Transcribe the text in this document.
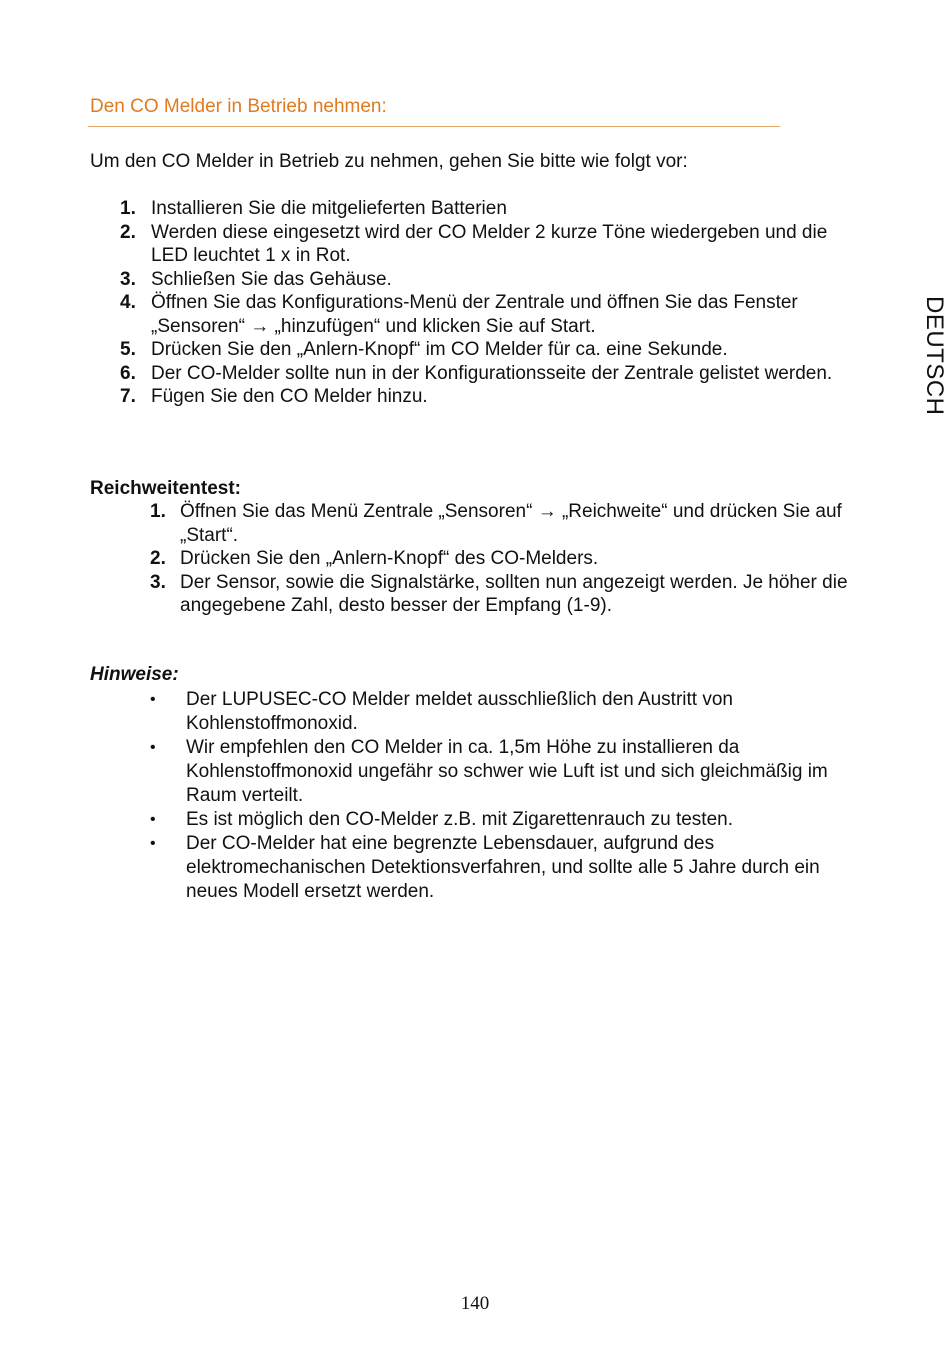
Den CO Melder in Betrieb nehmen:

Um den CO Melder in Betrieb zu nehmen, gehen Sie bitte wie folgt vor:

1. Installieren Sie die mitgelieferten Batterien
2. Werden diese eingesetzt wird der CO Melder 2 kurze Töne wiedergeben und die LED leuchtet 1 x in Rot.
3. Schließen Sie das Gehäuse.
4. Öffnen Sie das Konfigurations-Menü der Zentrale und öffnen Sie das Fenster „Sensoren“ → „hinzufügen“ und klicken Sie auf Start.
5. Drücken Sie den „Anlern-Knopf“ im CO Melder für ca. eine Sekunde.
6. Der CO-Melder sollte nun in der Konfigurationsseite der Zentrale gelistet werden.
7. Fügen Sie den CO Melder hinzu.
Reichweitentest:
1. Öffnen Sie das Menü Zentrale „Sensoren“ → „Reichweite“ und drücken Sie auf „Start“.
2. Drücken Sie den „Anlern-Knopf“ des CO-Melders.
3. Der Sensor, sowie die Signalstärke, sollten nun angezeigt werden. Je höher die angegebene Zahl, desto besser der Empfang (1-9).
Hinweise:
• Der LUPUSEC-CO Melder meldet ausschließlich den Austritt von Kohlenstoffmonoxid.
• Wir empfehlen den CO Melder in ca. 1,5m Höhe zu installieren da Kohlenstoffmonoxid ungefähr so schwer wie Luft ist und sich gleichmäßig im Raum verteilt.
• Es ist möglich den CO-Melder z.B. mit Zigarettenrauch zu testen.
• Der CO-Melder hat eine begrenzte Lebensdauer, aufgrund des elektromechanischen Detektionsverfahren, und sollte alle 5 Jahre durch ein neues Modell ersetzt werden.
DEUTSCH
140
